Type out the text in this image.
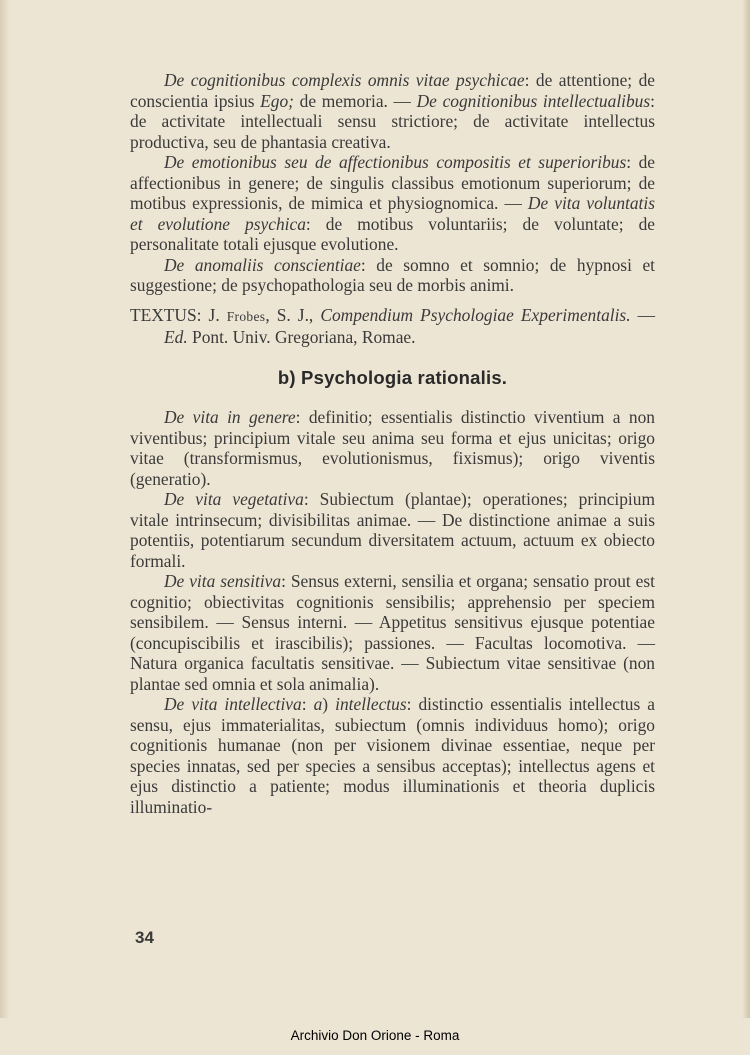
De cognitionibus complexis omnis vitae psychicae: de attentione; de conscientia ipsius Ego; de memoria. — De cognitionibus intellectualibus: de activitate intellectuali sensu strictiore; de activitate intellectus productiva, seu de phantasia creativa.

De emotionibus seu de affectionibus compositis et superioribus: de affectionibus in genere; de singulis classibus emotionum superiorum; de motibus expressionis, de mimica et physiognomica. — De vita voluntatis et evolutione psychica: de motibus voluntariis; de voluntate; de personalitate totali ejusque evolutione.

De anomaliis conscientiae: de somno et somnio; de hypnosi et suggestione; de psychopathologia seu de morbis animi.

TEXTUS: J. Frobes, S. J., Compendium Psychologiae Experimentalis. — Ed. Pont. Univ. Gregoriana, Romae.

b) Psychologia rationalis.

De vita in genere: definitio; essentialis distinctio viventium a non viventibus; principium vitale seu anima seu forma et ejus unicitas; origo vitae (transformismus, evolutionismus, fixismus); origo viventis (generatio).

De vita vegetativa: Subiectum (plantae); operationes; principium vitale intrinsecum; divisibilitas animae. — De distinctione animae a suis potentiis, potentiarum secundum diversitatem actuum, actuum ex obiecto formali.

De vita sensitiva: Sensus externi, sensilia et organa; sensatio prout est cognitio; obiectivitas cognitionis sensibilis; apprehensio per speciem sensibilem. — Sensus interni. — Appetitus sensitivus ejusque potentiae (concupiscibilis et irascibilis); passiones. — Facultas locomotiva. — Natura organica facultatis sensitivae. — Subiectum vitae sensitivae (non plantae sed omnia et sola animalia).

De vita intellectiva: a) intellectus: distinctio essentialis intellectus a sensu, ejus immaterialitas, subiectum (omnis individuus homo); origo cognitionis humanae (non per visionem divinae essentiae, neque per species innatas, sed per species a sensibus acceptas); intellectus agens et ejus distinctio a patiente; modus illuminationis et theoria duplicis illuminatio-

34
Archivio Don Orione - Roma
